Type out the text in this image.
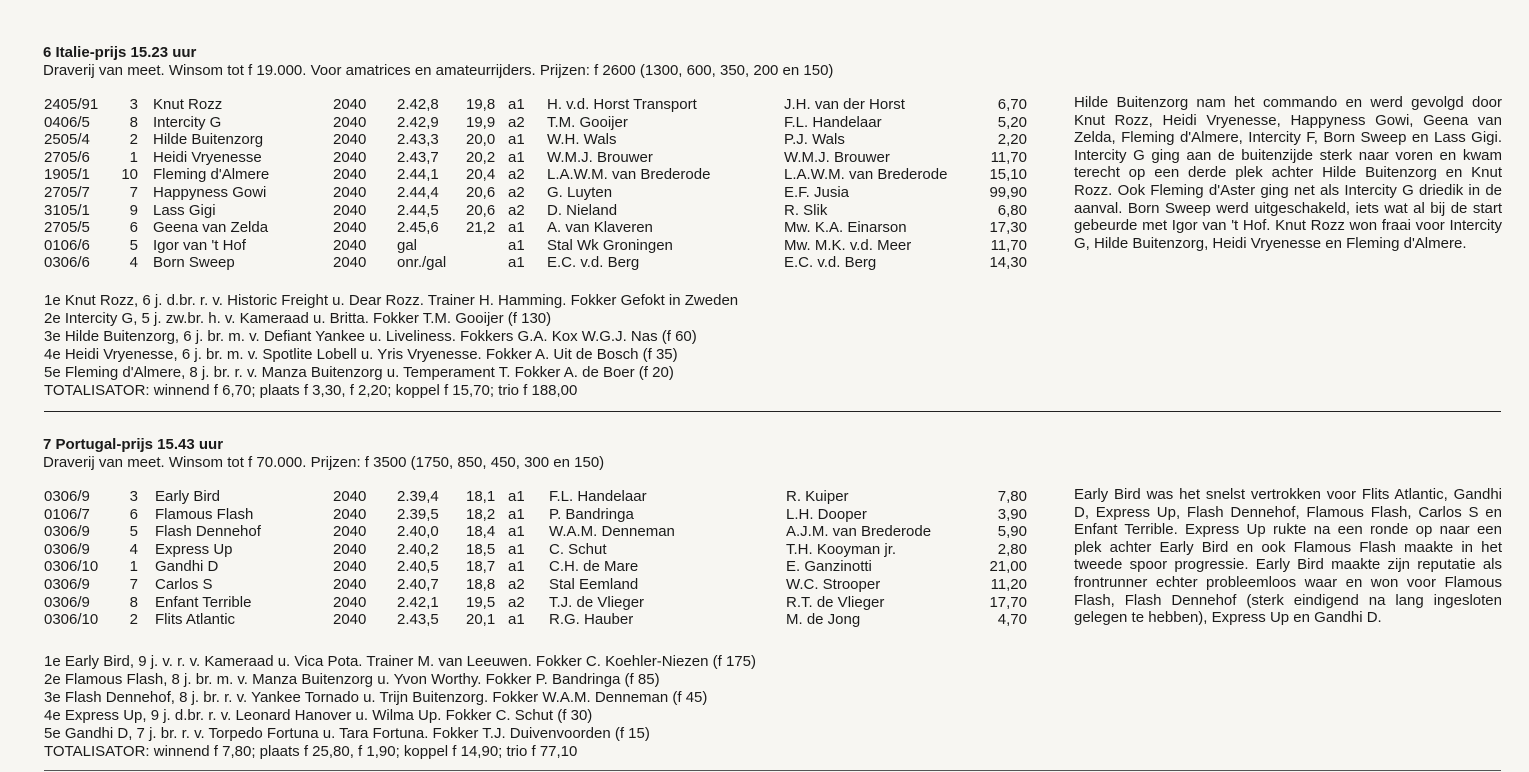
6 Italie-prijs 15.23 uur
Draverij van meet. Winsom tot f 19.000. Voor amatrices en amateurrijders. Prijzen: f 2600 (1300, 600, 350, 200 en 150)
2405/91	3 Knut Rozz	2040 2.42,8 19,8 a1 H. v.d. Horst Transport	J.H. van der Horst	6,70
0406/5	8 Intercity G	2040 2.42,9 19,9 a2 T.M. Gooijer	F.L. Handelaar	5,20
2505/4	2 Hilde Buitenzorg	2040 2.43,3 20,0 a1 W.H. Wals	P.J. Wals	2,20
2705/6	1 Heidi Vryenesse	2040 2.43,7 20,2 a1 W.M.J. Brouwer	W.M.J. Brouwer	11,70
1905/1 10 Fleming d'Almere	2040 2.44,1 20,4 a2 L.A.W.M. van Brederode	L.A.W.M. van Brederode	15,10
2705/7	7 Happyness Gowi	2040 2.44,4 20,6 a2 G. Luyten	E.F. Jusia	99,90
3105/1	9 Lass Gigi	2040 2.44,5 20,6 a2 D. Nieland	R. Slik	6,80
2705/5	6 Geena van Zelda	2040 2.45,6 21,2 a1 A. van Klaveren	Mw. K.A. Einarson	17,30
0106/6	5 Igor van 't Hof	2040 gal	a1 Stal Wk Groningen	Mw. M.K. v.d. Meer	11,70
0306/6	4 Born Sweep	2040 onr./gal	a1 E.C. v.d. Berg	E.C. v.d. Berg	14,30
Hilde Buitenzorg nam het commando en werd gevolgd door Knut Rozz, Heidi Vryenesse, Happyness Gowi, Geena van Zelda, Fleming d'Almere, Intercity F, Born Sweep en Lass Gigi. Intercity G ging aan de buitenzijde sterk naar voren en kwam terecht op een derde plek achter Hilde Buitenzorg en Knut Rozz. Ook Fleming d'Aster ging net als Intercity G driedik in de aanval. Born Sweep werd uitgeschakeld, iets wat al bij de start gebeurde met Igor van 't Hof. Knut Rozz won fraai voor Intercity G, Hilde Buitenzorg, Heidi Vryenesse en Fleming d'Almere.
1e Knut Rozz, 6 j. d.br. r. v. Historic Freight u. Dear Rozz. Trainer H. Hamming. Fokker Gefokt in Zweden
2e Intercity G, 5 j. zw.br. h. v. Kameraad u. Britta. Fokker T.M. Gooijer (f 130)
3e Hilde Buitenzorg, 6 j. br. m. v. Defiant Yankee u. Liveliness. Fokkers G.A. Kox W.G.J. Nas (f 60)
4e Heidi Vryenesse, 6 j. br. m. v. Spotlite Lobell u. Yris Vryenesse. Fokker A. Uit de Bosch (f 35)
5e Fleming d'Almere, 8 j. br. r. v. Manza Buitenzorg u. Temperament T. Fokker A. de Boer (f 20)
TOTALISATOR: winnend f 6,70; plaats f 3,30, f 2,20; koppel f 15,70; trio f 188,00
7 Portugal-prijs 15.43 uur
Draverij van meet. Winsom tot f 70.000. Prijzen: f 3500 (1750, 850, 450, 300 en 150)
0306/9	3 Early Bird	2040 2.39,4 18,1 a1 F.L. Handelaar	R. Kuiper	7,80
0106/7	6 Flamous Flash	2040 2.39,5 18,2 a1 P. Bandringa	L.H. Dooper	3,90
0306/9	5 Flash Dennehof	2040 2.40,0 18,4 a1 W.A.M. Denneman	A.J.M. van Brederode	5,90
0306/9	4 Express Up	2040 2.40,2 18,5 a1 C. Schut	T.H. Kooyman jr.	2,80
0306/10	1 Gandhi D	2040 2.40,5 18,7 a1 C.H. de Mare	E. Ganzinotti	21,00
0306/9	7 Carlos S	2040 2.40,7 18,8 a2 Stal Eemland	W.C. Strooper	11,20
0306/9	8 Enfant Terrible	2040 2.42,1 19,5 a2 T.J. de Vlieger	R.T. de Vlieger	17,70
0306/10	2 Flits Atlantic	2040 2.43,5 20,1 a1 R.G. Hauber	M. de Jong	4,70
Early Bird was het snelst vertrokken voor Flits Atlantic, Gandhi D, Express Up, Flash Dennehof, Flamous Flash, Carlos S en Enfant Terrible. Express Up rukte na een ronde op naar een plek achter Early Bird en ook Flamous Flash maakte in het tweede spoor progressie. Early Bird maakte zijn reputatie als frontrunner echter probleemloos waar en won voor Flamous Flash, Flash Dennehof (sterk eindigend na lang ingesloten gelegen te hebben), Express Up en Gandhi D.
1e Early Bird, 9 j. v. r. v. Kameraad u. Vica Pota. Trainer M. van Leeuwen. Fokker C. Koehler-Niezen (f 175)
2e Flamous Flash, 8 j. br. m. v. Manza Buitenzorg u. Yvon Worthy. Fokker P. Bandringa (f 85)
3e Flash Dennehof, 8 j. br. r. v. Yankee Tornado u. Trijn Buitenzorg. Fokker W.A.M. Denneman (f 45)
4e Express Up, 9 j. d.br. r. v. Leonard Hanover u. Wilma Up. Fokker C. Schut (f 30)
5e Gandhi D, 7 j. br. r. v. Torpedo Fortuna u. Tara Fortuna. Fokker T.J. Duivenvoorden (f 15)
TOTALISATOR: winnend f 7,80; plaats f 25,80, f 1,90; koppel f 14,90; trio f 77,10
